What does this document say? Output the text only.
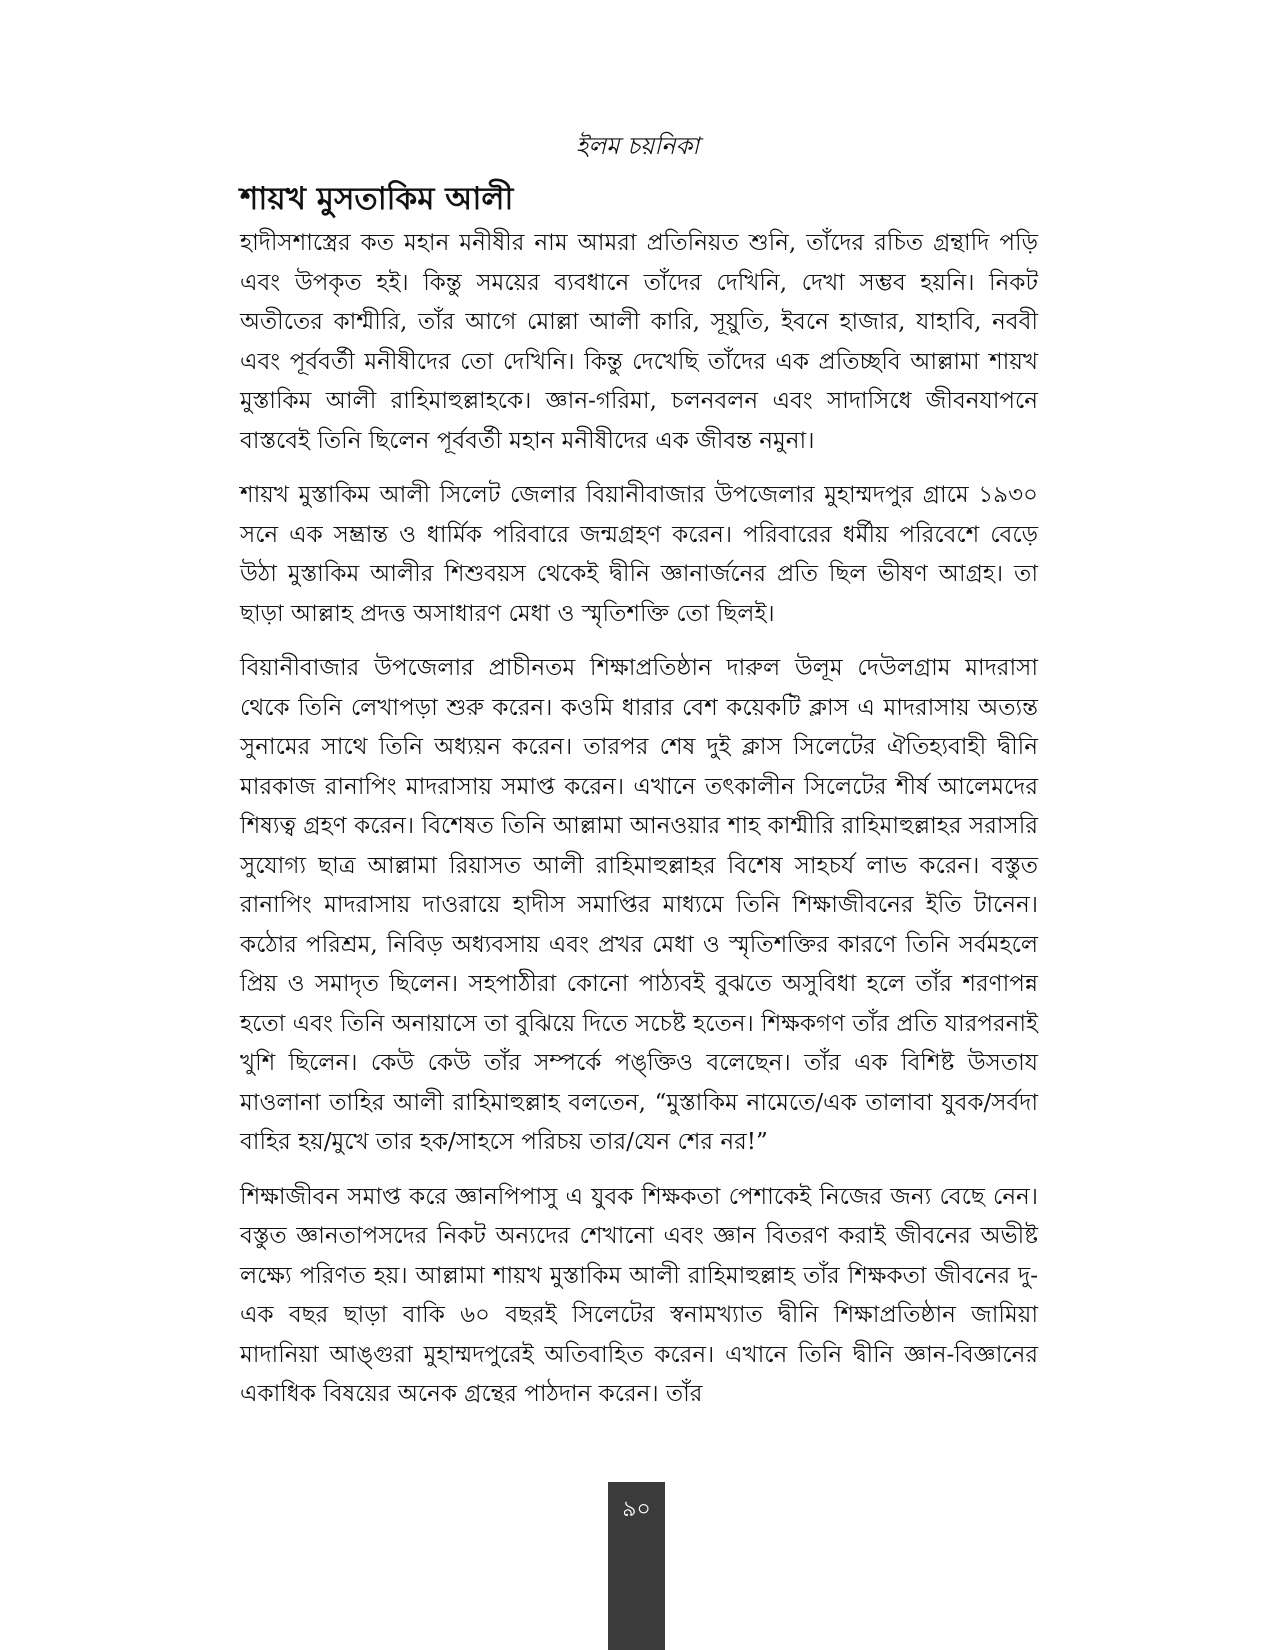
ইলম চয়নিকা
শায়খ মুসতাকিম আলী

হাদীসশাস্ত্রের কত মহান মনীষীর নাম আমরা প্রতিনিয়ত শুনি, তাঁদের রচিত গ্রন্থাদি পড়ি এবং উপকৃত হই। কিন্তু সময়ের ব্যবধানে তাঁদের দেখিনি, দেখা সম্ভব হয়নি। নিকট অতীতের কাশ্মীরি, তাঁর আগে মোল্লা আলী কারি, সূয়ুতি, ইবনে হাজার, যাহাবি, নববী এবং পূর্ববর্তী মনীষীদের তো দেখিনি। কিন্তু দেখেছি তাঁদের এক প্রতিচ্ছবি আল্লামা শায়খ মুস্তাকিম আলী রাহিমাহুল্লাহকে। জ্ঞান-গরিমা, চলনবলন এবং সাদাসিধে জীবনযাপনে বাস্তবেই তিনি ছিলেন পূর্ববর্তী মহান মনীষীদের এক জীবন্ত নমুনা।

শায়খ মুস্তাকিম আলী সিলেট জেলার বিয়ানীবাজার উপজেলার মুহাম্মদপুর গ্রামে ১৯৩০ সনে এক সম্ভ্রান্ত ও ধার্মিক পরিবারে জন্মগ্রহণ করেন। পরিবারের ধর্মীয় পরিবেশে বেড়ে উঠা মুস্তাকিম আলীর শিশুবয়স থেকেই দ্বীনি জ্ঞানার্জনের প্রতি ছিল ভীষণ আগ্রহ। তা ছাড়া আল্লাহ প্রদত্ত অসাধারণ মেধা ও স্মৃতিশক্তি তো ছিলই।

বিয়ানীবাজার উপজেলার প্রাচীনতম শিক্ষাপ্রতিষ্ঠান দারুল উলূম দেউলগ্রাম মাদরাসা থেকে তিনি লেখাপড়া শুরু করেন। কওমি ধারার বেশ কয়েকটি ক্লাস এ মাদরাসায় অত্যন্ত সুনামের সাথে তিনি অধ্যয়ন করেন। তারপর শেষ দুই ক্লাস সিলেটের ঐতিহ্যবাহী দ্বীনি মারকাজ রানাপিং মাদরাসায় সমাপ্ত করেন। এখানে তৎকালীন সিলেটের শীর্ষ আলেমদের শিষ্যত্ব গ্রহণ করেন। বিশেষত তিনি আল্লামা আনওয়ার শাহ কাশ্মীরি রাহিমাহুল্লাহর সরাসরি সুযোগ্য ছাত্র আল্লামা রিয়াসত আলী রাহিমাহুল্লাহর বিশেষ সাহচর্য লাভ করেন। বস্তুত রানাপিং মাদরাসায় দাওরায়ে হাদীস সমাপ্তির মাধ্যমে তিনি শিক্ষাজীবনের ইতি টানেন। কঠোর পরিশ্রম, নিবিড় অধ্যবসায় এবং প্রখর মেধা ও স্মৃতিশক্তির কারণে তিনি সর্বমহলে প্রিয় ও সমাদৃত ছিলেন। সহপাঠীরা কোনো পাঠ্যবই বুঝতে অসুবিধা হলে তাঁর শরণাপন্ন হতো এবং তিনি অনায়াসে তা বুঝিয়ে দিতে সচেষ্ট হতেন। শিক্ষকগণ তাঁর প্রতি যারপরনাই খুশি ছিলেন। কেউ কেউ তাঁর সম্পর্কে পঙ্‌ক্তিও বলেছেন। তাঁর এক বিশিষ্ট উসতায মাওলানা তাহির আলী রাহিমাহুল্লাহ বলতেন, “মুস্তাকিম নামেতে/এক তালাবা যুবক/সর্বদা বাহির হয়/মুখে তার হক/সাহসে পরিচয় তার/যেন শের নর!”

শিক্ষাজীবন সমাপ্ত করে জ্ঞানপিপাসু এ যুবক শিক্ষকতা পেশাকেই নিজের জন্য বেছে নেন। বস্তুত জ্ঞানতাপসদের নিকট অন্যদের শেখানো এবং জ্ঞান বিতরণ করাই জীবনের অভীষ্ট লক্ষ্যে পরিণত হয়। আল্লামা শায়খ মুস্তাকিম আলী রাহিমাহুল্লাহ তাঁর শিক্ষকতা জীবনের দু-এক বছর ছাড়া বাকি ৬০ বছরই সিলেটের স্বনামখ্যাত দ্বীনি শিক্ষাপ্রতিষ্ঠান জামিয়া মাদানিয়া আঙ্গুরা মুহাম্মদপুরেই অতিবাহিত করেন। এখানে তিনি দ্বীনি জ্ঞান-বিজ্ঞানের একাধিক বিষয়ের অনেক গ্রন্থের পাঠদান করেন। তাঁর

৯০
